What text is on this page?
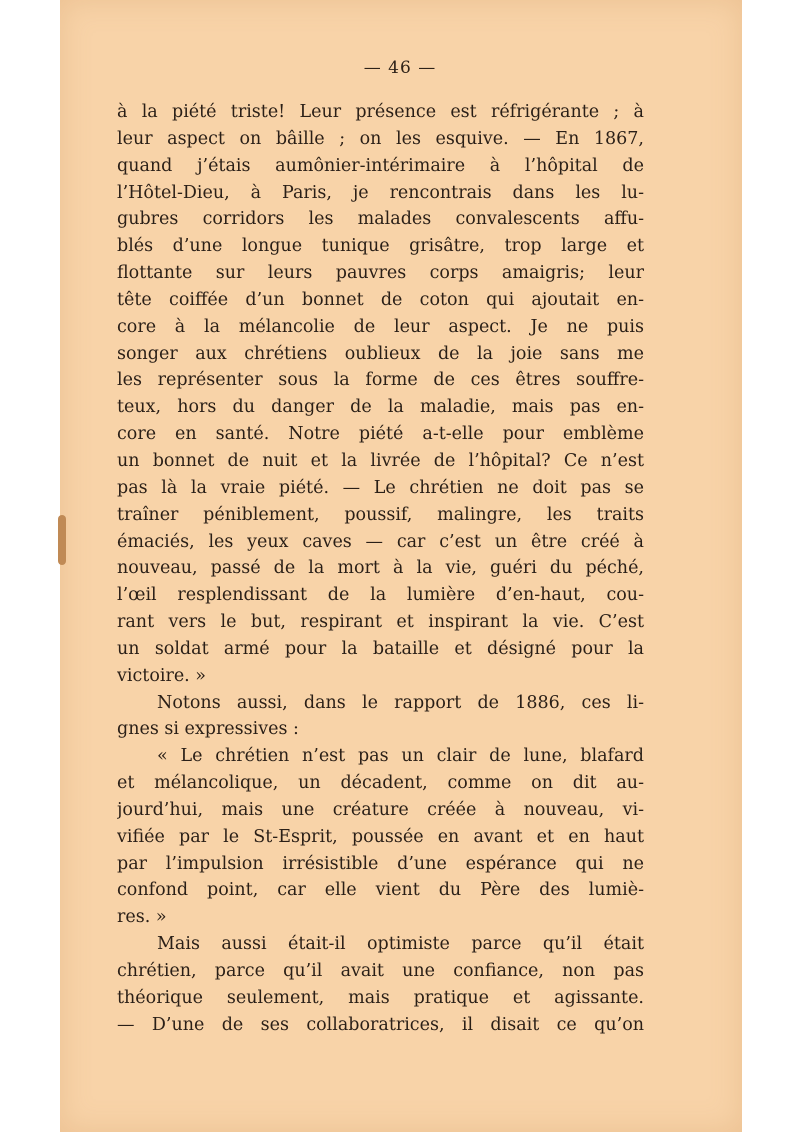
— 46 —
à la piété triste! Leur présence est réfrigérante ; à
leur aspect on bâille ; on les esquive. — En 1867,
quand j’étais aumônier-intérimaire à l’hôpital de
l’Hôtel-Dieu, à Paris, je rencontrais dans les lu-
gubres corridors les malades convalescents affu-
blés d’une longue tunique grisâtre, trop large et
flottante sur leurs pauvres corps amaigris; leur
tête coiffée d’un bonnet de coton qui ajoutait en-
core à la mélancolie de leur aspect. Je ne puis
songer aux chrétiens oublieux de la joie sans me
les représenter sous la forme de ces êtres souffre-
teux, hors du danger de la maladie, mais pas en-
core en santé. Notre piété a-t-elle pour emblème
un bonnet de nuit et la livrée de l’hôpital? Ce n’est
pas là la vraie piété. — Le chrétien ne doit pas se
traîner péniblement, poussif, malingre, les traits
émaciés, les yeux caves — car c’est un être créé à
nouveau, passé de la mort à la vie, guéri du péché,
l’œil resplendissant de la lumière d’en-haut, cou-
rant vers le but, respirant et inspirant la vie. C’est
un soldat armé pour la bataille et désigné pour la
victoire. »
Notons aussi, dans le rapport de 1886, ces li-
gnes si expressives :
« Le chrétien n’est pas un clair de lune, blafard
et mélancolique, un décadent, comme on dit au-
jourd’hui, mais une créature créée à nouveau, vi-
vifiée par le St-Esprit, poussée en avant et en haut
par l’impulsion irrésistible d’une espérance qui ne
confond point, car elle vient du Père des lumiè-
res. »
Mais aussi était-il optimiste parce qu’il était
chrétien, parce qu’il avait une confiance, non pas
théorique seulement, mais pratique et agissante.
— D’une de ses collaboratrices, il disait ce qu’on
